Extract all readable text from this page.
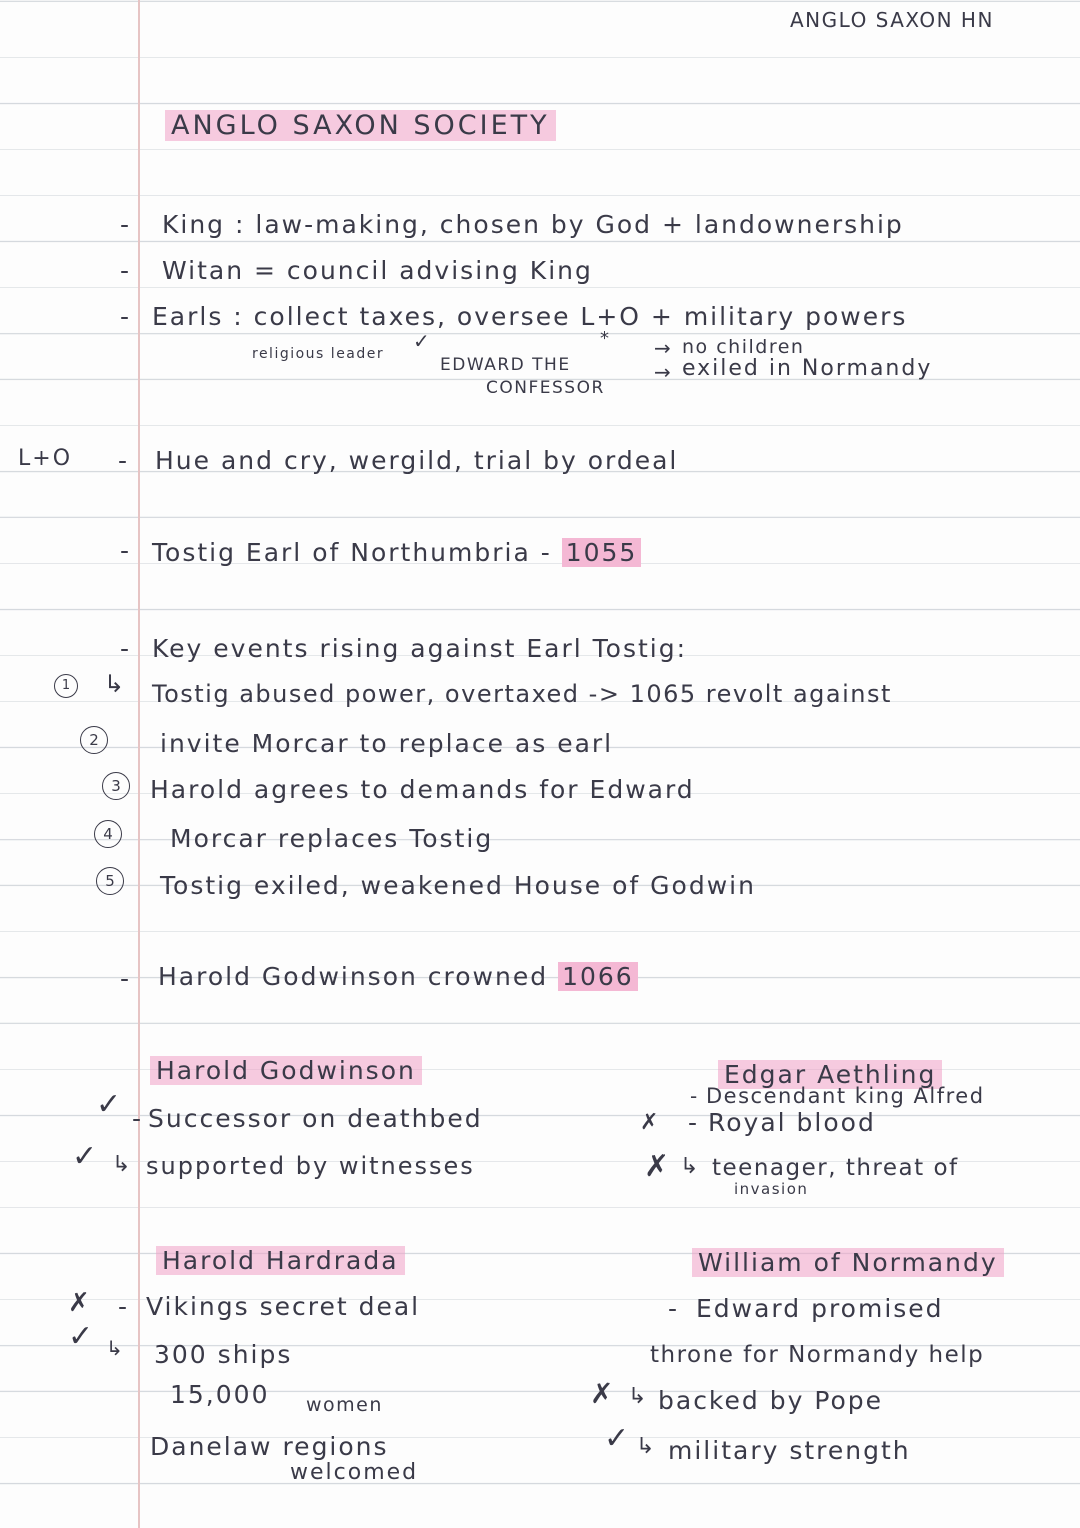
ANGLO SAXON HN
ANGLO SAXON SOCIETY
- King : law-making, chosen by God + landownership
- Witan = council advising King
- Earls : collect taxes, oversee L+O + military powers
religious leader
✓	*
EDWARD THE
CONFESSOR
→ no children
→ exiled in Normandy
L+O - Hue and cry, wergild, trial by ordeal
- Tostig Earl of Northumbria - 1055
- Key events rising against Earl Tostig:
1	↳ Tostig abused power, overtaxed -> 1065 revolt against
2	invite Morcar to replace as earl
3	Harold agrees to demands for Edward
4	Morcar replaces Tostig
5	Tostig exiled, weakened House of Godwin
- Harold Godwinson crowned 1066
Harold Godwinson
✓ - Successor on deathbed
✓ ↳ supported by witnesses
Edgar Aethling
- Descendant king Alfred
✗ - Royal blood
✗ ↳ teenager, threat of
invasion
Harold Hardrada
✗ - Vikings secret deal
✓ ↳ 300 ships
15,000 women
Danelaw regions
welcomed
William of Normandy
- Edward promised
throne for Normandy help
✗ ↳ backed by Pope
✓ ↳ military strength
